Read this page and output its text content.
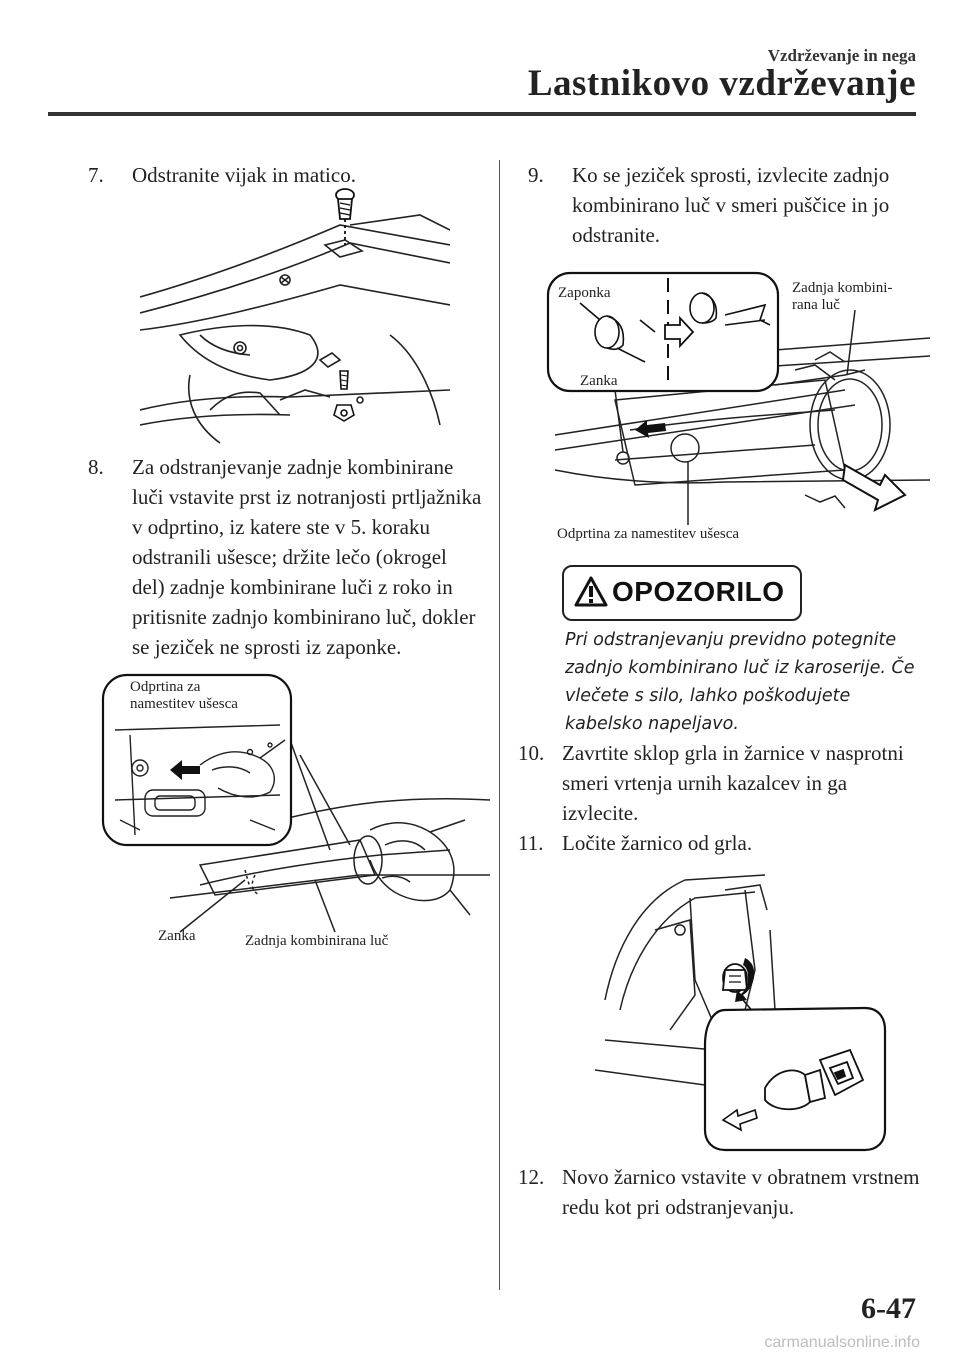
Vzdrževanje in nega
Lastnikovo vzdrževanje
7.	Odstranite vijak in matico.
8.	Za odstranjevanje zadnje kombinirane luči vstavite prst iz notranjosti prtljažnika v odprtino, iz katere ste v 5. koraku odstranili ušesce; držite lečo (okrogel del) zadnje kombinirane luči z roko in pritisnite zadnjo kombinirano luč, dokler se jeziček ne sprosti iz zaponke.
Odprtina za
namestitev ušesca
Zanka	Zadnja kombinirana luč
9.	Ko se jeziček sprosti, izvlecite zadnjo kombinirano luč v smeri puščice in jo odstranite.
Zaponka
Zanka
Zadnja kombini-
rana luč
Odprtina za namestitev ušesca
OPOZORILO
Pri odstranjevanju previdno potegnite zadnjo kombinirano luč iz karoserije. Če vlečete s silo, lahko poškodujete kabelsko napeljavo.
10. Zavrtite sklop grla in žarnice v nasprotni smeri vrtenja urnih kazalcev in ga izvlecite.
11. Ločite žarnico od grla.
12. Novo žarnico vstavite v obratnem vrstnem redu kot pri odstranjevanju.
6-47
carmanualsonline.info
